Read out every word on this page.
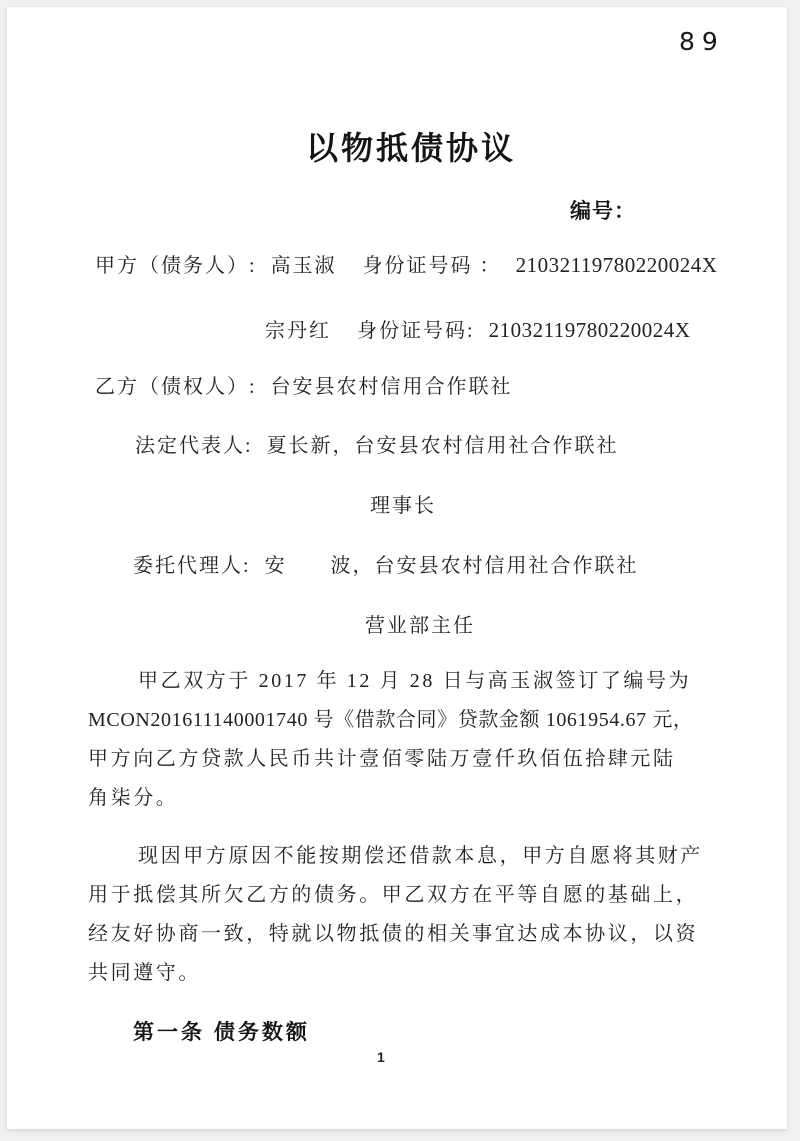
89
以物抵债协议
编号：
甲方（债务人）: 高玉淑 身份证号码 ： 21032119780220024X
宗丹红 身份证号码: 21032119780220024X
乙方（债权人）: 台安县农村信用合作联社
法定代表人: 夏长新，台安县农村信用社合作联社
理事长
委托代理人: 安　　波，台安县农村信用社合作联社
营业部主任
甲乙双方于 2017 年 12 月 28 日与高玉淑签订了编号为
MCON201611140001740 号《借款合同》贷款金额 1061954.67 元，
甲方向乙方贷款人民币共计壹佰零陆万壹仟玖佰伍拾肆元陆
角柒分。
现因甲方原因不能按期偿还借款本息，甲方自愿将其财产
用于抵偿其所欠乙方的债务。甲乙双方在平等自愿的基础上，
经友好协商一致，特就以物抵债的相关事宜达成本协议，以资
共同遵守。
第一条 债务数额
1
